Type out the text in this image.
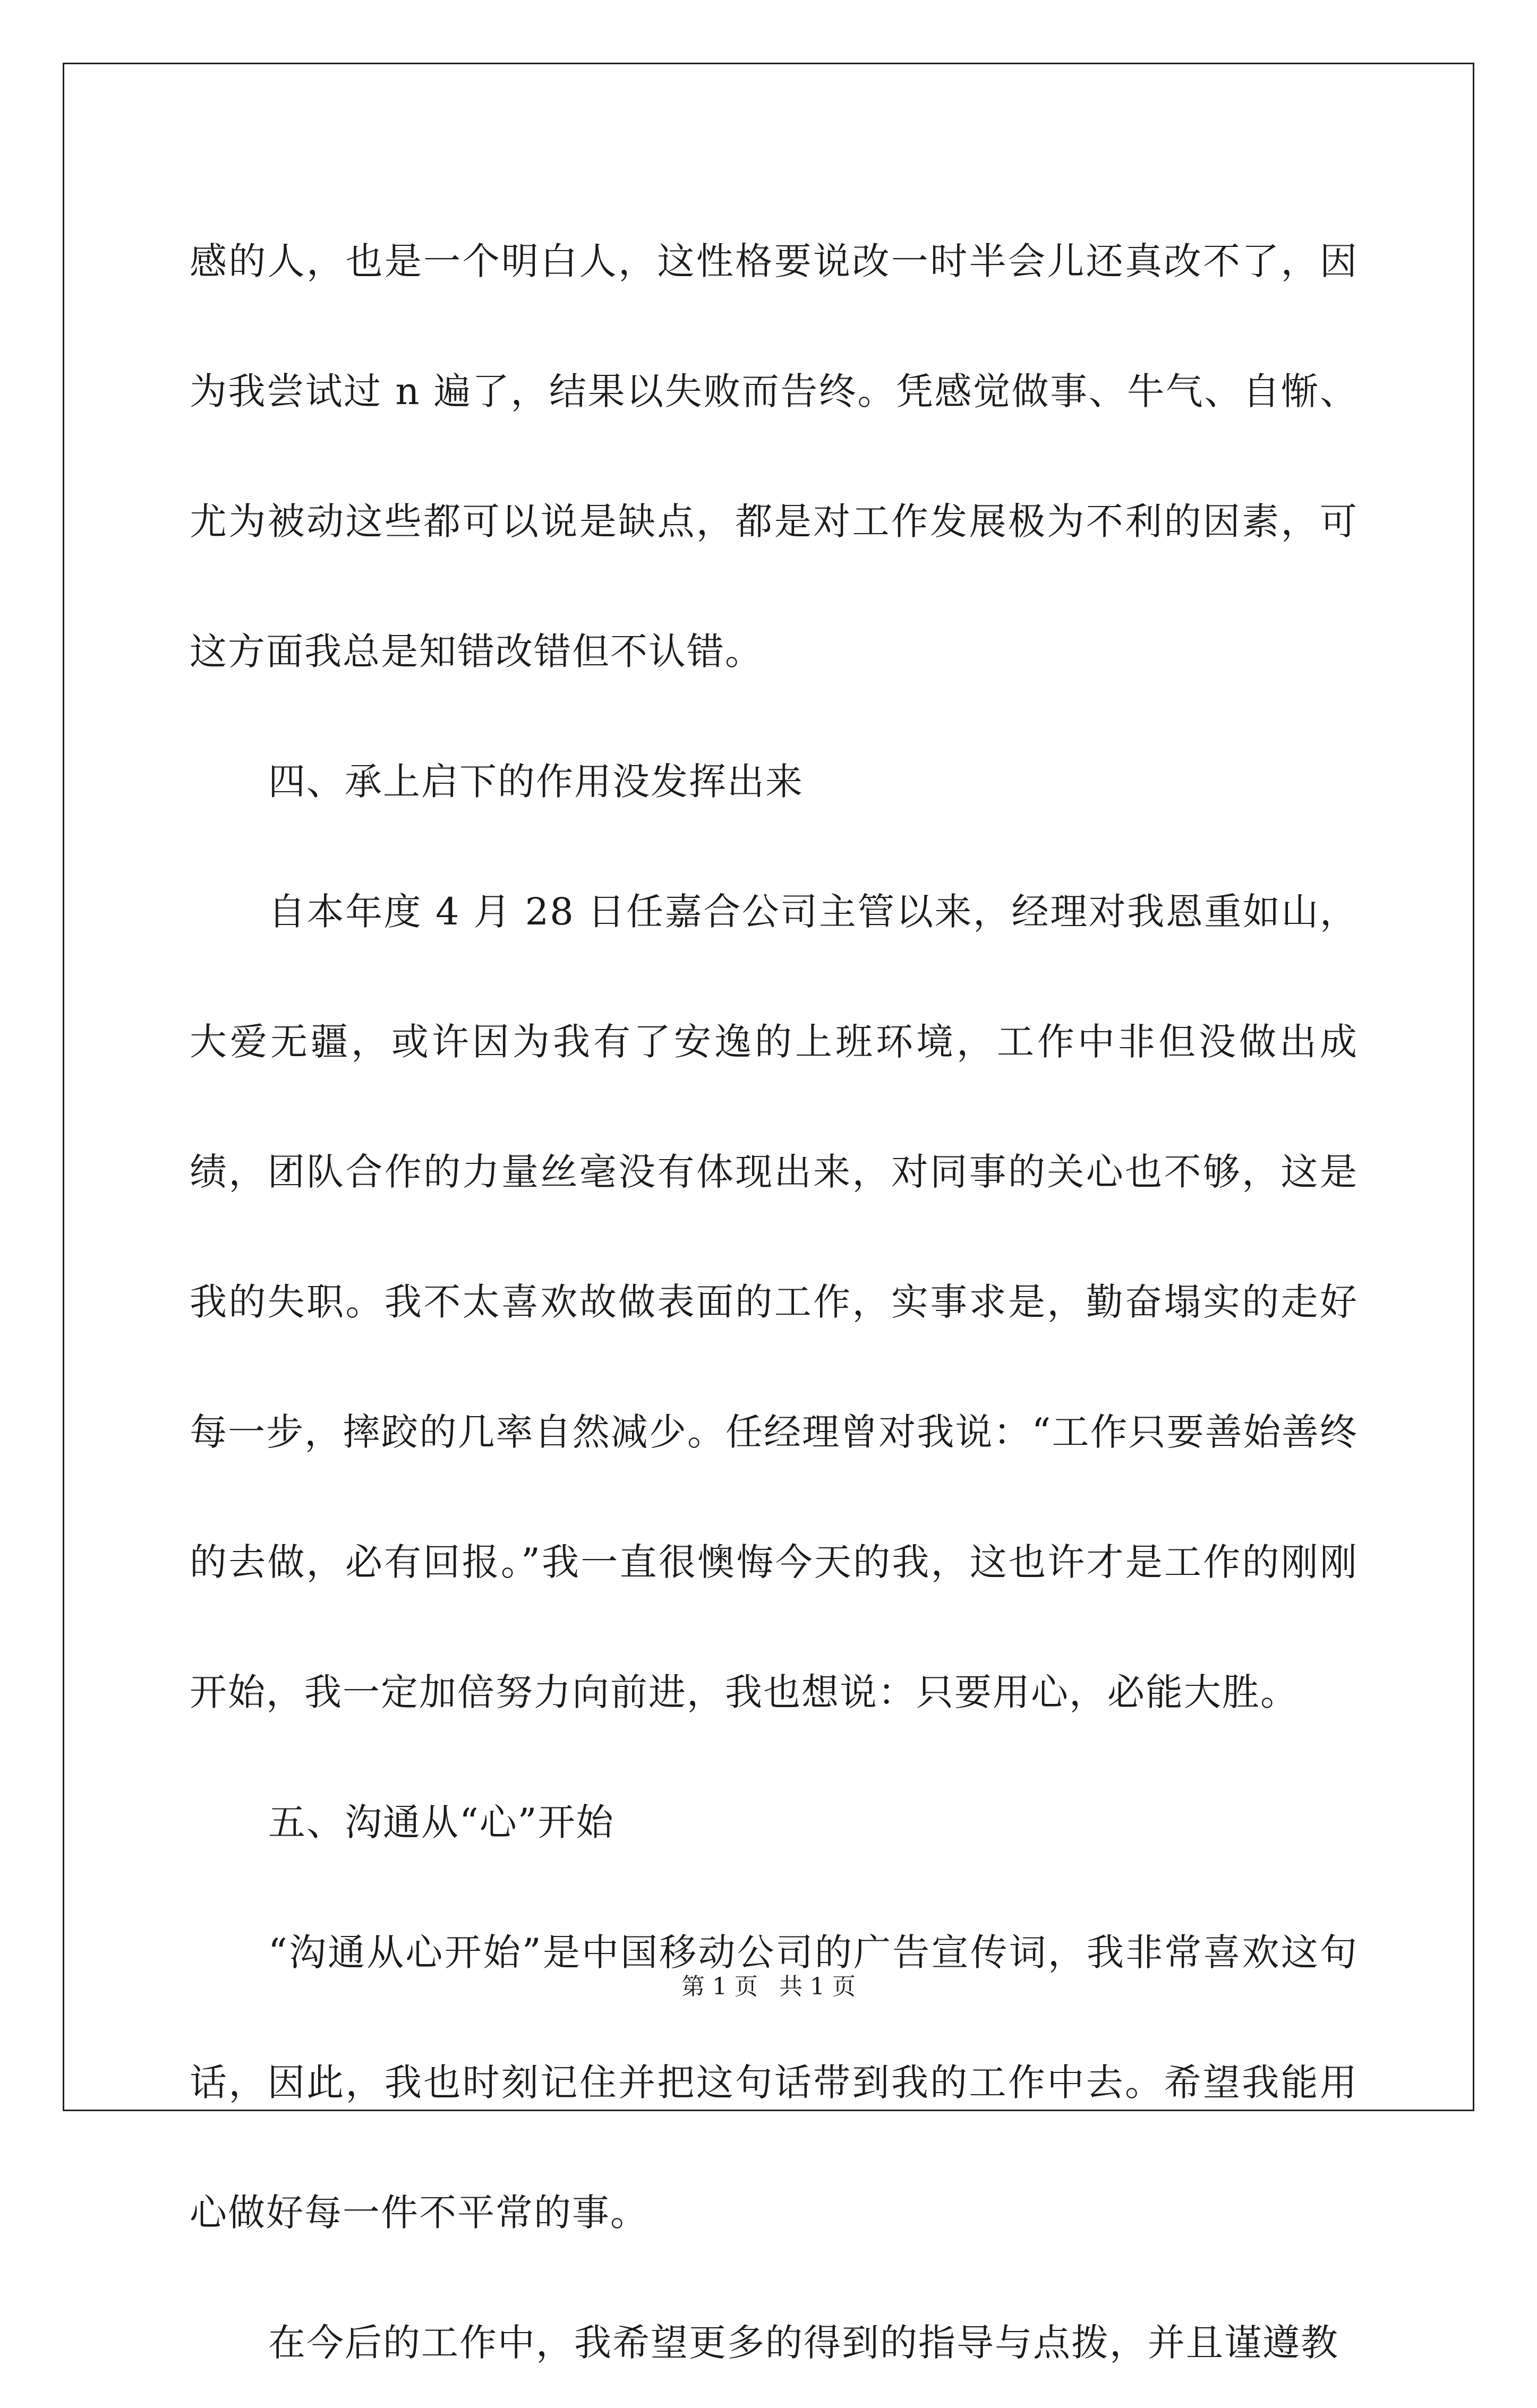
感的人，也是一个明白人，这性格要说改一时半会儿还真改不了，因为我尝试过 n 遍了，结果以失败而告终。凭感觉做事、牛气、自惭、尤为被动这些都可以说是缺点，都是对工作发展极为不利的因素，可这方面我总是知错改错但不认错。

四、承上启下的作用没发挥出来

自本年度 4 月 28 日任嘉合公司主管以来，经理对我恩重如山，大爱无疆，或许因为我有了安逸的上班环境，工作中非但没做出成绩，团队合作的力量丝毫没有体现出来，对同事的关心也不够，这是我的失职。我不太喜欢故做表面的工作，实事求是，勤奋塌实的走好每一步，摔跤的几率自然减少。任经理曾对我说：“工作只要善始善终的去做，必有回报。”我一直很懊悔今天的我，这也许才是工作的刚刚开始，我一定加倍努力向前进，我也想说：只要用心，必能大胜。

五、沟通从“心”开始

“沟通从心开始”是中国移动公司的广告宣传词，我非常喜欢这句话，因此，我也时刻记住并把这句话带到我的工作中去。希望我能用心做好每一件不平常的事。

在今后的工作中，我希望更多的得到的指导与点拨，并且谨遵教

第 1 页 共 1 页
